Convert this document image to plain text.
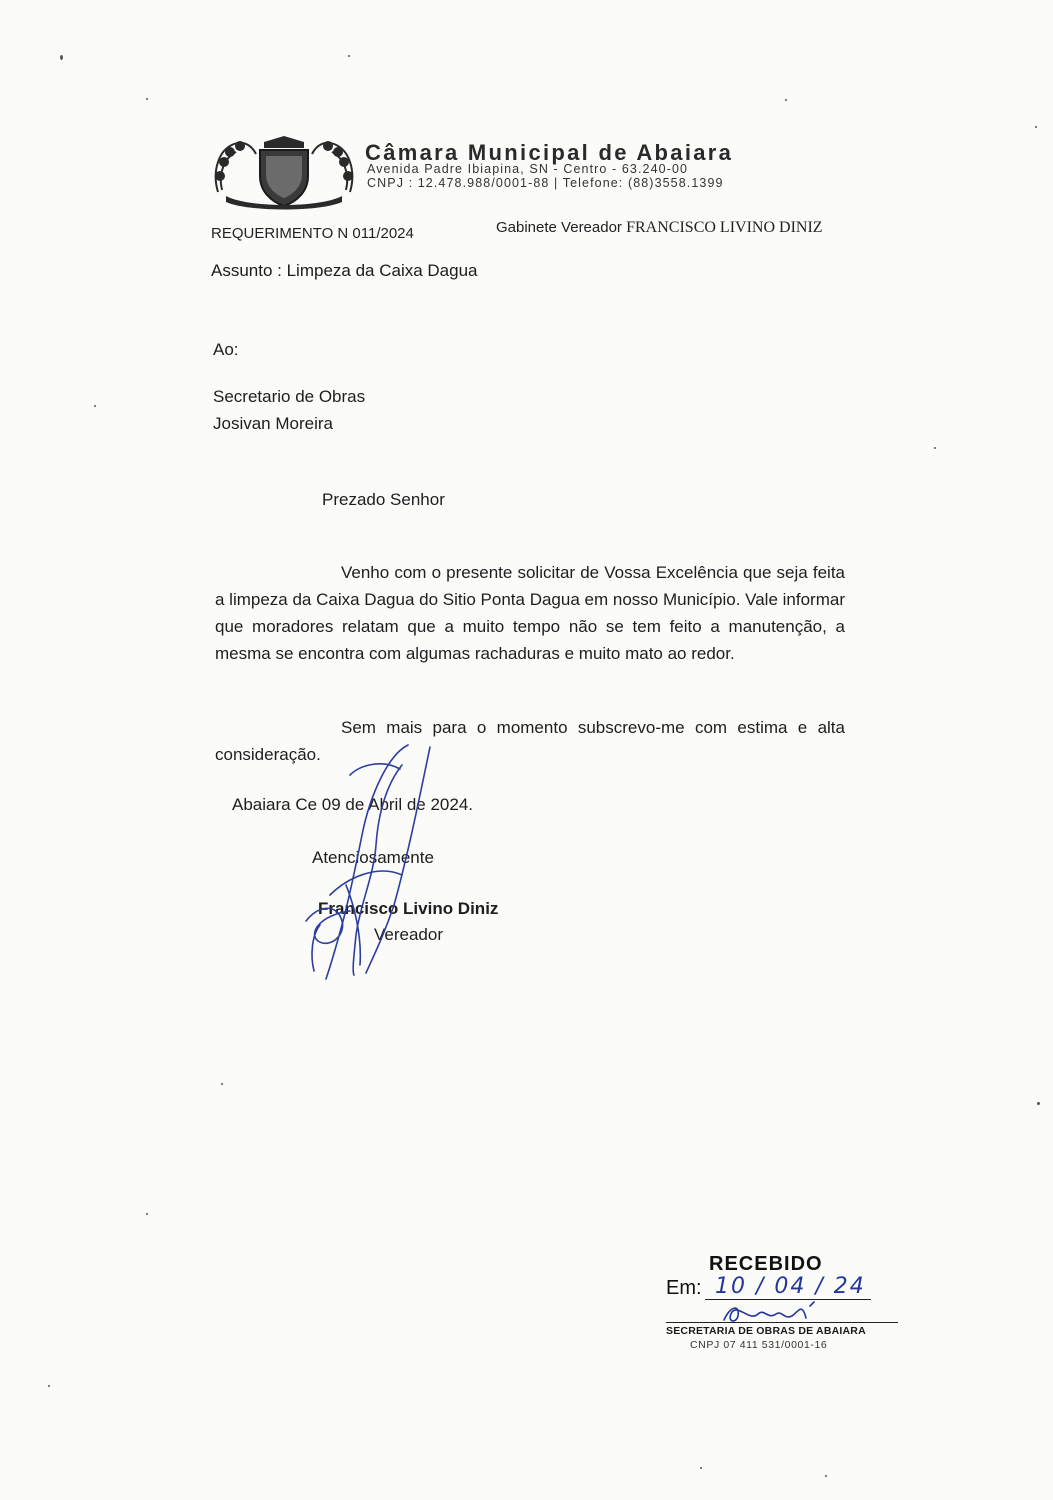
Câmara Municipal de Abaiara
Avenida Padre Ibiapina, SN - Centro - 63.240-00
CNPJ : 12.478.988/0001-88 | Telefone: (88)3558.1399
REQUERIMENTO N 011/2024	Gabinete Vereador FRANCISCO LIVINO DINIZ
Assunto : Limpeza da Caixa Dagua
Ao:
Secretario de Obras
Josivan Moreira
Prezado Senhor
Venho com o presente solicitar de Vossa Excelência que seja feita a limpeza da Caixa Dagua do Sitio Ponta Dagua em nosso Município. Vale informar que moradores relatam que a muito tempo não se tem feito a manutenção, a mesma se encontra com algumas rachaduras e muito mato ao redor.
Sem mais para o momento subscrevo-me com estima e alta consideração.
Abaiara Ce 09 de Abril de 2024.
Atenciosamente
Francisco Livino Diniz
Vereador
RECEBIDO
Em: 10 / 04 / 24
SECRETARIA DE OBRAS DE ABAIARA
CNPJ 07 411 531/0001-16
